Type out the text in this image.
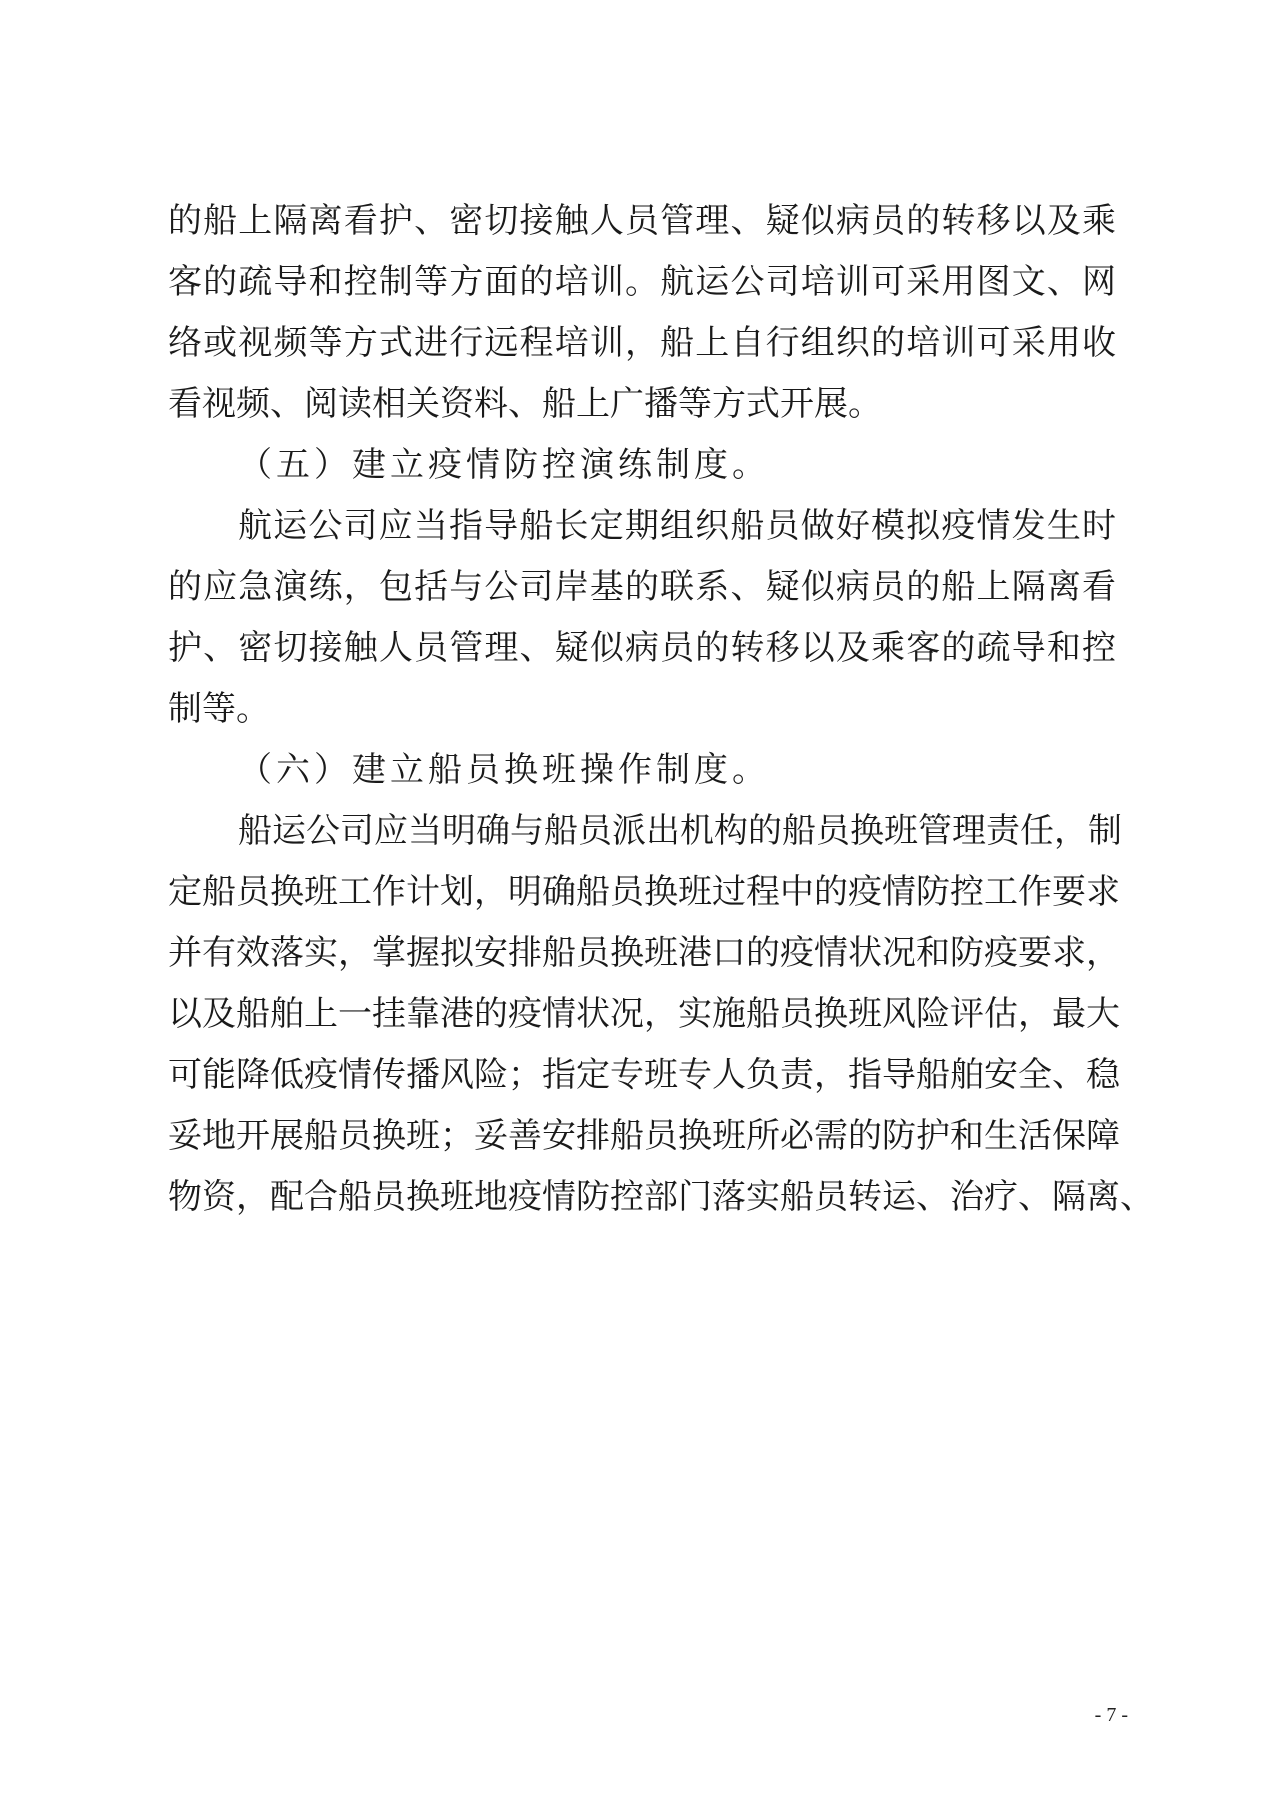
的船上隔离看护、密切接触人员管理、疑似病员的转移以及乘
客的疏导和控制等方面的培训。航运公司培训可采用图文、网
络或视频等方式进行远程培训，船上自行组织的培训可采用收
看视频、阅读相关资料、船上广播等方式开展。
（五）建立疫情防控演练制度。
航运公司应当指导船长定期组织船员做好模拟疫情发生时
的应急演练，包括与公司岸基的联系、疑似病员的船上隔离看
护、密切接触人员管理、疑似病员的转移以及乘客的疏导和控
制等。
（六）建立船员换班操作制度。
船运公司应当明确与船员派出机构的船员换班管理责任，制
定船员换班工作计划，明确船员换班过程中的疫情防控工作要求
并有效落实，掌握拟安排船员换班港口的疫情状况和防疫要求，
以及船舶上一挂靠港的疫情状况，实施船员换班风险评估，最大
可能降低疫情传播风险；指定专班专人负责，指导船舶安全、稳
妥地开展船员换班；妥善安排船员换班所必需的防护和生活保障
物资，配合船员换班地疫情防控部门落实船员转运、治疗、隔离、
- 7 -
